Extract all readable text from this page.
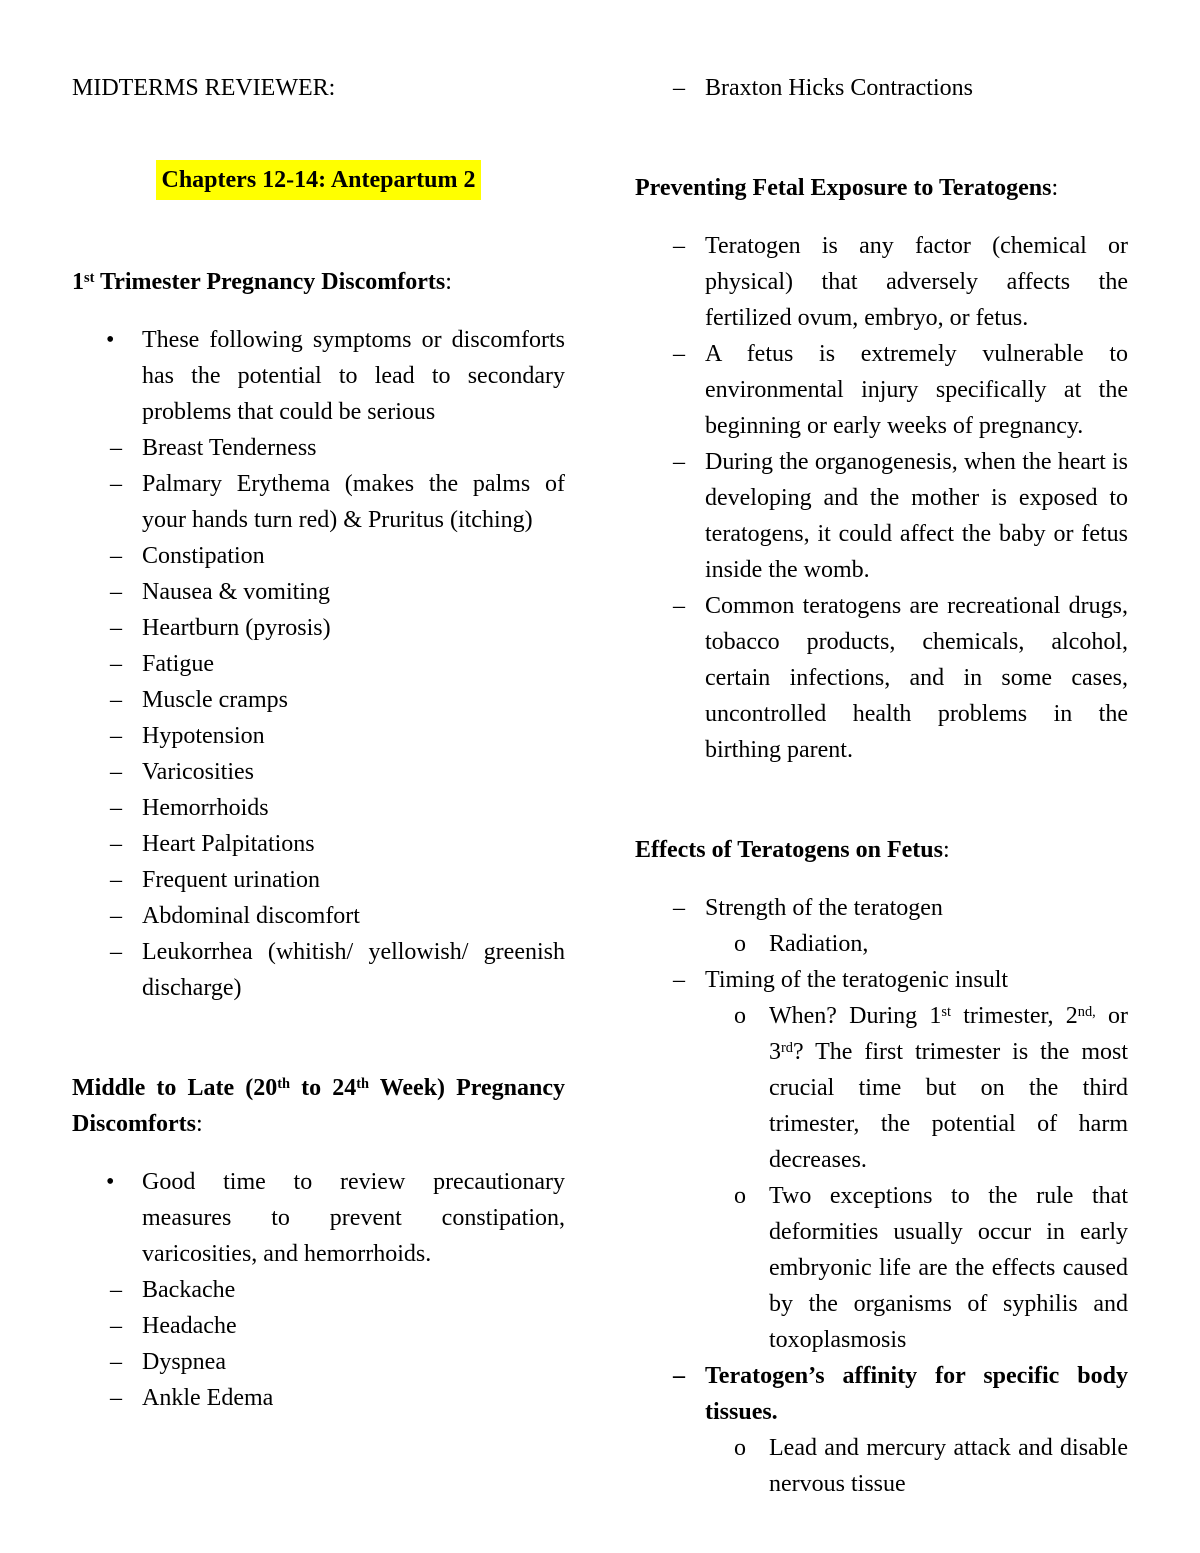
MIDTERMS REVIEWER:
Chapters 12-14: Antepartum 2
1st Trimester Pregnancy Discomforts:
• These following symptoms or discomforts has the potential to lead to secondary problems that could be serious
– Breast Tenderness
– Palmary Erythema (makes the palms of your hands turn red) & Pruritus (itching)
– Constipation
– Nausea & vomiting
– Heartburn (pyrosis)
– Fatigue
– Muscle cramps
– Hypotension
– Varicosities
– Hemorrhoids
– Heart Palpitations
– Frequent urination
– Abdominal discomfort
– Leukorrhea (whitish/ yellowish/ greenish discharge)
Middle to Late (20th to 24th Week) Pregnancy Discomforts:
• Good time to review precautionary measures to prevent constipation, varicosities, and hemorrhoids.
– Backache
– Headache
– Dyspnea
– Ankle Edema
– Braxton Hicks Contractions
Preventing Fetal Exposure to Teratogens:
– Teratogen is any factor (chemical or physical) that adversely affects the fertilized ovum, embryo, or fetus.
– A fetus is extremely vulnerable to environmental injury specifically at the beginning or early weeks of pregnancy.
– During the organogenesis, when the heart is developing and the mother is exposed to teratogens, it could affect the baby or fetus inside the womb.
– Common teratogens are recreational drugs, tobacco products, chemicals, alcohol, certain infections, and in some cases, uncontrolled health problems in the birthing parent.
Effects of Teratogens on Fetus:
– Strength of the teratogen
o Radiation,
– Timing of the teratogenic insult
o When? During 1st trimester, $2^{nd,}$ or 3rd? The first trimester is the most crucial time but on the third trimester, the potential of harm decreases.
o Two exceptions to the rule that deformities usually occur in early embryonic life are the effects caused by the organisms of syphilis and toxoplasmosis
– Teratogen’s affinity for specific body tissues.
o Lead and mercury attack and disable nervous tissue
